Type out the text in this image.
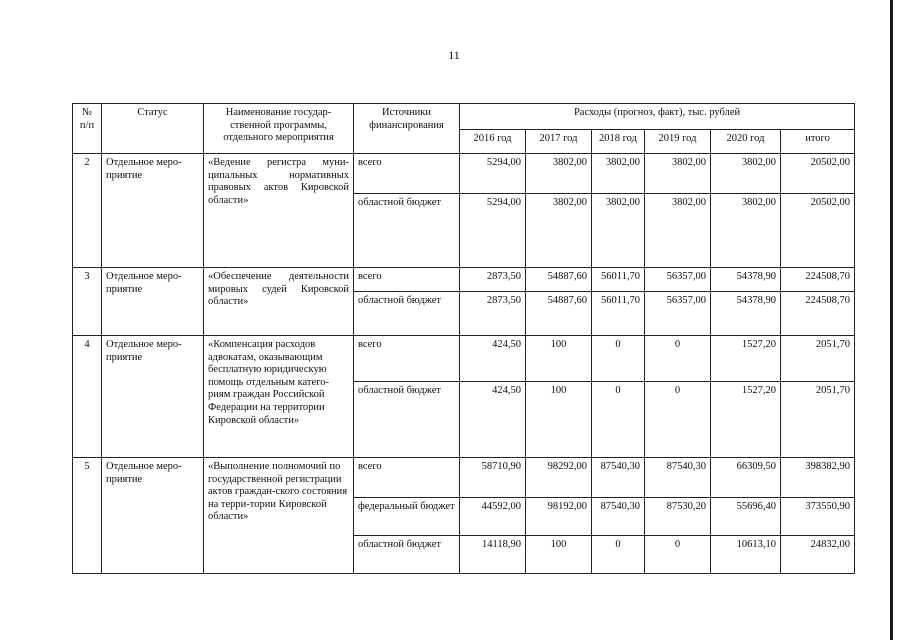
11
№ п/п	Статус	Наименование государ-ственной программы, отдельного мероприятия	Источники финансирования	Расходы (прогноз, факт), тыс. рублей					
				2016 год	2017 год	2018 год	2019 год	2020 год	итого
2	Отдельное меро-приятие	«Ведение регистра муни-ципальных нормативных правовых актов Кировской области»	всего	5294,00	3802,00	3802,00	3802,00	3802,00	20502,00
			областной бюджет	5294,00	3802,00	3802,00	3802,00	3802,00	20502,00
3	Отдельное меро-приятие	«Обеспечение деятельности мировых судей Кировской области»	всего	2873,50	54887,60	56011,70	56357,00	54378,90	224508,70
			областной бюджет	2873,50	54887,60	56011,70	56357,00	54378,90	224508,70
4	Отдельное меро-приятие	«Компенсация расходов адвокатам, оказывающим бесплатную юридическую помощь отдельным катего-риям граждан Российской Федерации на территории Кировской области»	всего	424,50	100	0	0	1527,20	2051,70
			областной бюджет	424,50	100	0	0	1527,20	2051,70
5	Отдельное меро-приятие	«Выполнение полномочий по государственной регистрации актов граждан-ского состояния на терри-тории Кировской области»	всего	58710,90	98292,00	87540,30	87540,30	66309,50	398382,90
			федеральный бюджет	44592,00	98192,00	87540,30	87530,20	55696,40	373550,90
			областной бюджет	14118,90	100	0	0	10613,10	24832,00
